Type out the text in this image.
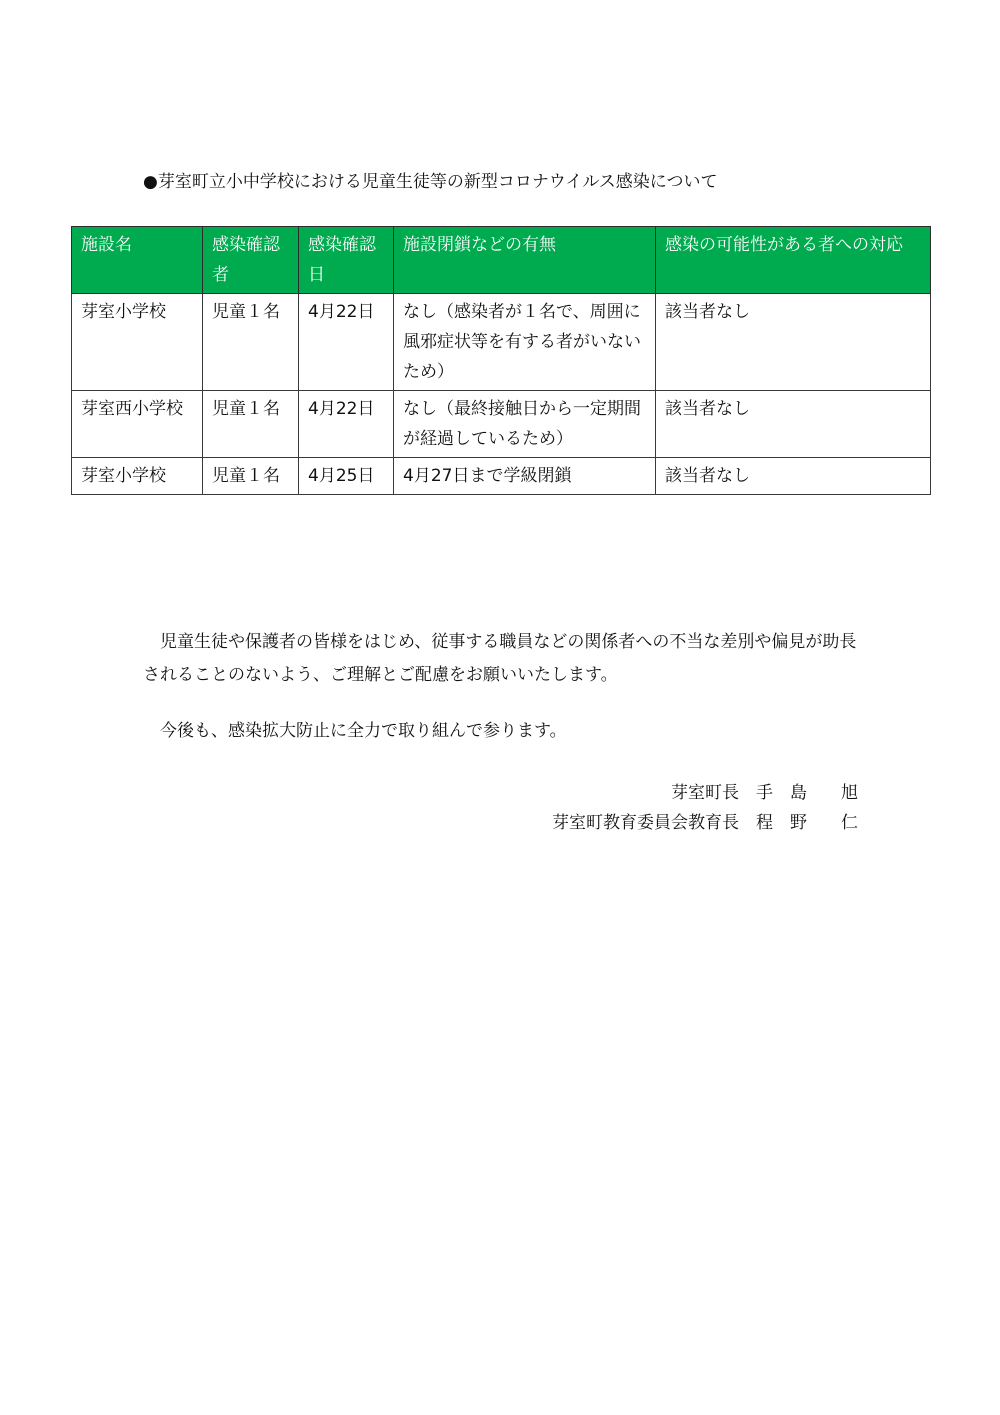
●芽室町立小中学校における児童生徒等の新型コロナウイルス感染について
施設名	感染確認者	感染確認日	施設閉鎖などの有無	感染の可能性がある者への対応
芽室小学校	児童１名	4月22日	なし（感染者が１名で、周囲に風邪症状等を有する者がいないため）	該当者なし
芽室西小学校	児童１名	4月22日	なし（最終接触日から一定期間が経過しているため）	該当者なし
芽室小学校	児童１名	4月25日	4月27日まで学級閉鎖	該当者なし

児童生徒や保護者の皆様をはじめ、従事する職員などの関係者への不当な差別や偏見が助長されることのないよう、ご理解とご配慮をお願いいたします。

今後も、感染拡大防止に全力で取り組んで参ります。

芽室町長　手　島　　旭
芽室町教育委員会教育長　程　野　　仁
